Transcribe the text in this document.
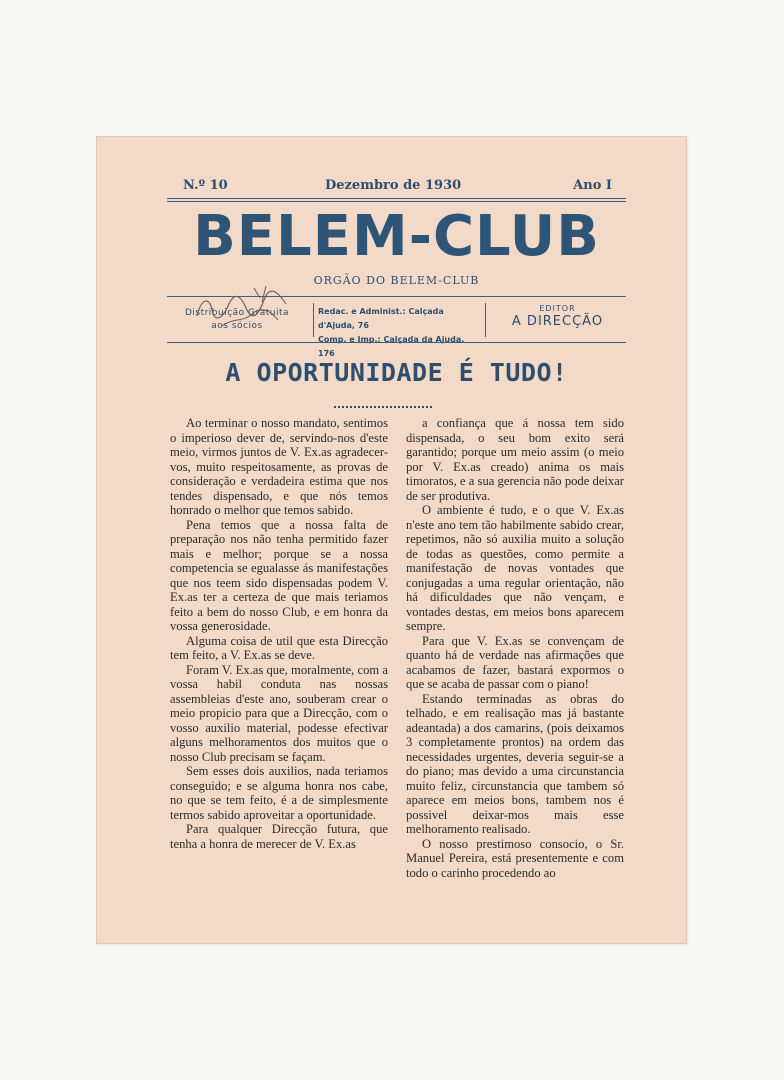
N.º 10	Dezembro de 1930	Ano I
BELEM-CLUB
ORGÃO DO BELEM-CLUB
Distribuição Gratuita
aos sócios
Redac. e Administ.: Calçada d'Ajuda, 76
Comp. e Imp.: Calçada da Ajuda, 176
EDITOR
A DIRECÇÃO
A OPORTUNIDADE É TUDO!

Ao terminar o nosso mandato, sentimos o imperioso dever de, servindo-nos d'este meio, virmos juntos de V. Ex.as agradecer-vos, muito respeitosamente, as provas de consideração e verdadeira estima que nos tendes dispensado, e que nós temos honrado o melhor que temos sabido.

Pena temos que a nossa falta de preparação nos não tenha permitido fazer mais e melhor; porque se a nossa competencia se egualasse ás manifestações que nos teem sido dispensadas podem V. Ex.as ter a certeza de que mais teriamos feito a bem do nosso Club, e em honra da vossa generosidade.

Alguma coisa de util que esta Direcção tem feito, a V. Ex.as se deve.

Foram V. Ex.as que, moralmente, com a vossa habil conduta nas nossas assembleias d'este ano, souberam crear o meio propicio para que a Direcção, com o vosso auxilio material, podesse efectivar alguns melhoramentos dos muitos que o nosso Club precisam se façam.

Sem esses dois auxilios, nada teriamos conseguido; e se alguma honra nos cabe, no que se tem feito, é a de simplesmente termos sabido aproveitar a oportunidade.

Para qualquer Direcção futura, que tenha a honra de merecer de V. Ex.as

a confiança que á nossa tem sido dispensada, o seu bom exito será garantido; porque um meio assim (o meio por V. Ex.as creado) anima os mais timoratos, e a sua gerencia não pode deixar de ser produtiva.

O ambiente é tudo, e o que V. Ex.as n'este ano tem tão habilmente sabido crear, repetimos, não só auxilia muito a solução de todas as questões, como permite a manifestação de novas vontades que conjugadas a uma regular orientação, não há dificuldades que não vençam, e vontades destas, em meios bons aparecem sempre.

Para que V. Ex.as se convençam de quanto há de verdade nas afirmações que acabamos de fazer, bastará expormos o que se acaba de passar com o piano!

Estando terminadas as obras do telhado, e em realisação mas já bastante adeantada) a dos camarins, (pois deixamos 3 completamente prontos) na ordem das necessidades urgentes, deveria seguir-se a do piano; mas devido a uma circunstancia muito feliz, circunstancia que tambem só aparece em meios bons, tambem nos é possivel deixar-mos mais esse melhoramento realisado.

O nosso prestimoso consocio, o Sr. Manuel Pereira, está presentemente e com todo o carinho procedendo ao
